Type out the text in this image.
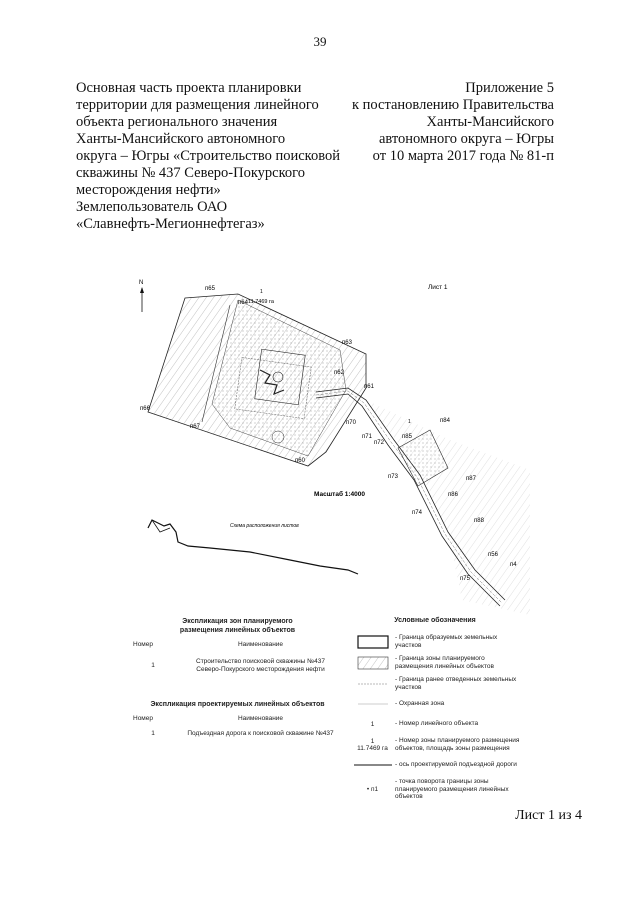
39
Основная часть проекта планировки
территории для размещения линейного
объекта регионального значения
Ханты-Мансийского автономного
округа – Югры «Строительство поисковой
скважины № 437 Северо-Покурского
месторождения нефти»
Землепользователь ОАО
«Славнефть-Мегионнефтегаз»
Приложение 5
к постановлению Правительства
Ханты-Мансийского
автономного округа – Югры
от 10 марта 2017 года № 81-п
Лист 1
N
1
11.7469 га
1
п65
п64
п63
п62
п61
п66
п67
п60
п70
п71
п72
п84
п85
п73	п87
п86
п74
п88
п56
п75
п4
Масштаб 1:4000
Схема расположения листов
Экспликация зон планируемого
размещения линейных объектов
Номер	Наименование
1	Строительство поисковой скважины №437
Северо-Покурского месторождения нефти
Экспликация проектируемых линейных объектов
Номер	Наименование
1	Подъездная дорога к поисковой скважине №437
Условные обозначения
- Граница образуемых земельных участков
- Граница зоны планируемого размещения линейных объектов
- Граница ранее отведенных земельных участков
- Охранная зона
1	- Номер линейного объекта
1
11.7469 га
- Номер зоны планируемого размещения объектов, площадь зоны размещения
- ось проектируемой подъездной дороги
• п1
- точка поворота границы зоны планируемого размещения линейных объектов
Лист 1 из 4
